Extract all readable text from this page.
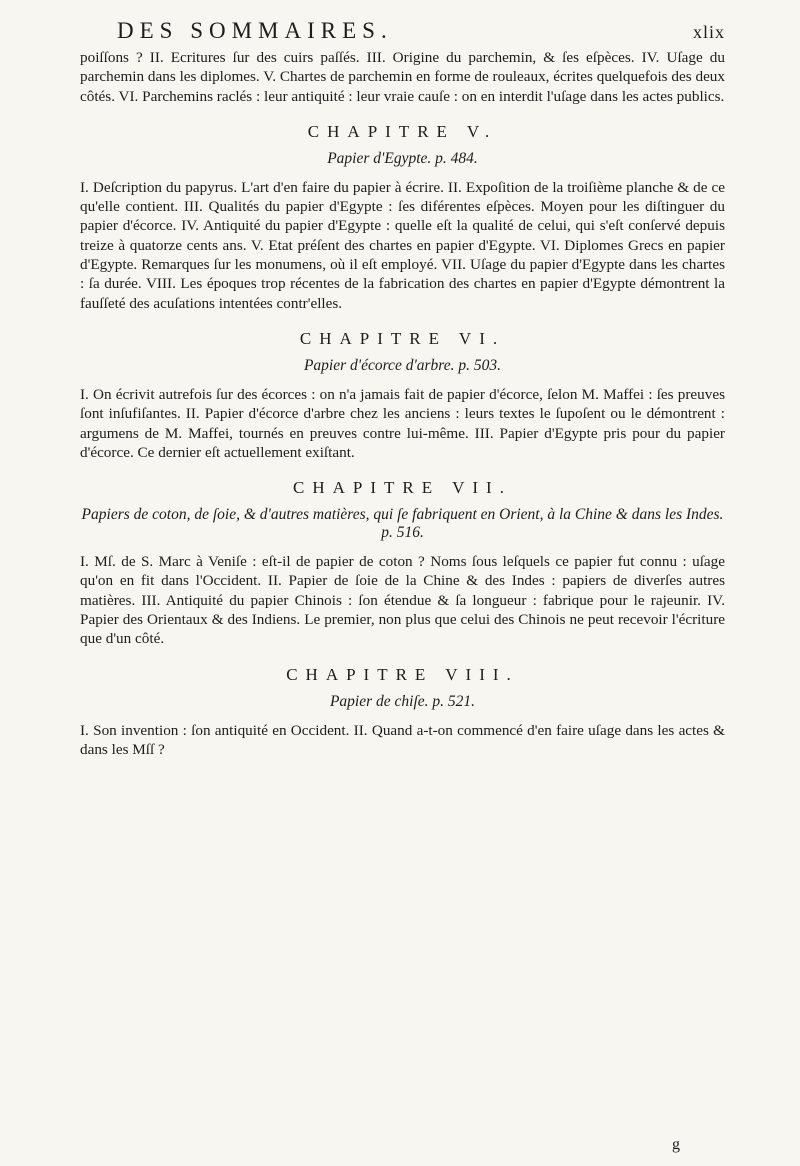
DES SOMMAIRES.	xlix

poiſſons ? II. Ecritures ſur des cuirs paſſés. III. Origine du parchemin, & ſes eſpèces. IV. Uſage du parchemin dans les diplomes. V. Chartes de parchemin en forme de rouleaux, écrites quelquefois des deux côtés. VI. Parchemins raclés : leur antiquité : leur vraie cauſe : on en interdit l'uſage dans les actes publics.

CHAPITRE V.
Papier d'Egypte. p. 484.

I. Deſcription du papyrus. L'art d'en faire du papier à écrire. II. Expoſition de la troiſième planche & de ce qu'elle contient. III. Qualités du papier d'Egypte : ſes diférentes eſpèces. Moyen pour les diſtinguer du papier d'écorce. IV. Antiquité du papier d'Egypte : quelle eſt la qualité de celui, qui s'eſt conſervé depuis treize à quatorze cents ans. V. Etat préſent des chartes en papier d'Egypte. VI. Diplomes Grecs en papier d'Egypte. Remarques ſur les monumens, où il eſt employé. VII. Uſage du papier d'Egypte dans les chartes : ſa durée. VIII. Les époques trop récentes de la fabrication des chartes en papier d'Egypte démontrent la fauſſeté des acuſations intentées contr'elles.

CHAPITRE VI.
Papier d'écorce d'arbre. p. 503.

I. On écrivit autrefois ſur des écorces : on n'a jamais fait de papier d'écorce, ſelon M. Maffei : ſes preuves ſont inſufiſantes. II. Papier d'écorce d'arbre chez les anciens : leurs textes le ſupoſent ou le démontrent : argumens de M. Maffei, tournés en preuves contre lui-même. III. Papier d'Egypte pris pour du papier d'écorce. Ce dernier eſt actuellement exiſtant.

CHAPITRE VII.
Papiers de coton, de ſoie, & d'autres matières, qui ſe fabriquent en Orient, à la Chine & dans les Indes. p. 516.

I. Mſ. de S. Marc à Veniſe : eſt-il de papier de coton ? Noms ſous leſquels ce papier fut connu : uſage qu'on en fit dans l'Occident. II. Papier de ſoie de la Chine & des Indes : papiers de diverſes autres matières. III. Antiquité du papier Chinois : ſon étendue & ſa longueur : fabrique pour le rajeunir. IV. Papier des Orientaux & des Indiens. Le premier, non plus que celui des Chinois ne peut recevoir l'écriture que d'un côté.

CHAPITRE VIII.
Papier de chiſe. p. 521.

I. Son invention : ſon antiquité en Occident. II. Quand a-t-on commencé d'en faire uſage dans les actes & dans les Mſſ ?

g
